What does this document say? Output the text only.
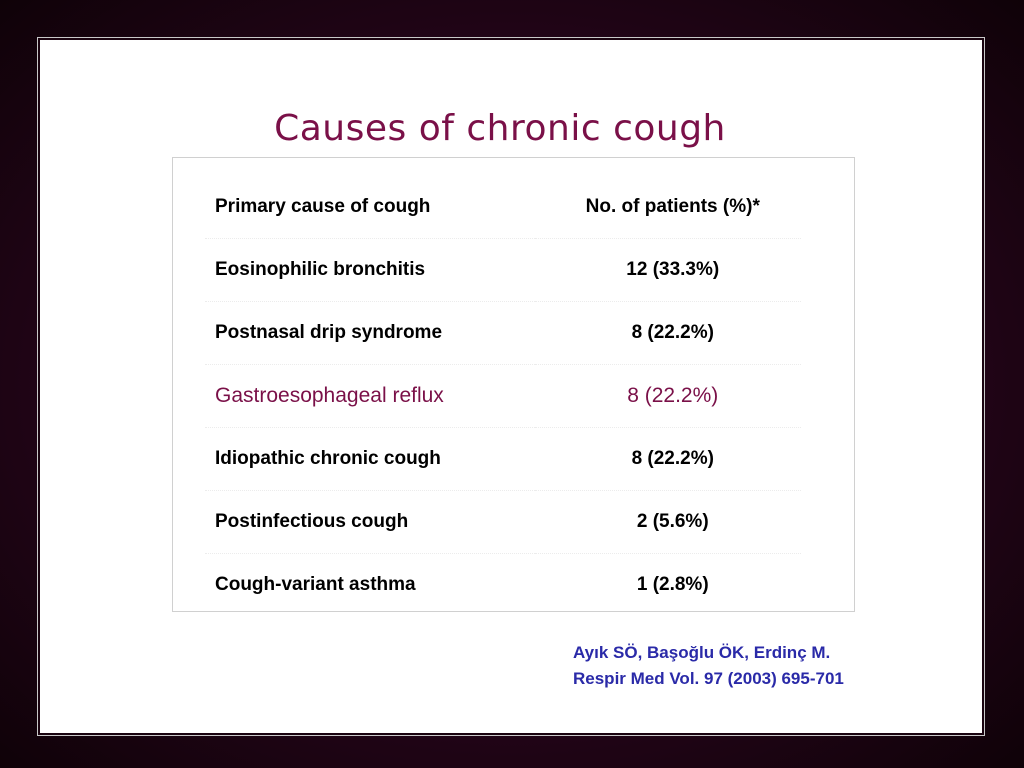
Causes of chronic cough
Primary cause of cough	No. of patients (%)*
Eosinophilic bronchitis	12 (33.3%)
Postnasal drip syndrome	8 (22.2%)
Gastroesophageal reflux	8 (22.2%)
Idiopathic chronic cough	8 (22.2%)
Postinfectious cough	2 (5.6%)
Cough-variant asthma	1 (2.8%)
Ayık SÖ, Başoğlu ÖK, Erdinç M.
Respir Med Vol. 97 (2003) 695-701
